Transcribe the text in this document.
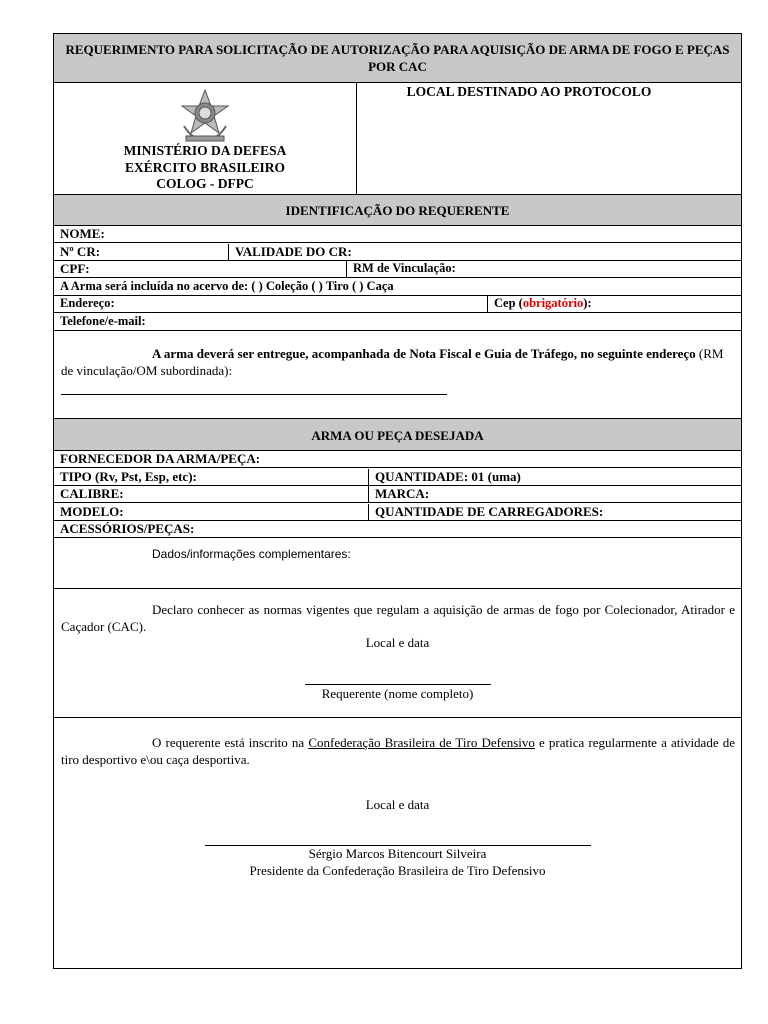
REQUERIMENTO PARA SOLICITAÇÃO DE AUTORIZAÇÃO PARA AQUISIÇÃO DE ARMA DE FOGO E PEÇAS POR CAC
MINISTÉRIO DA DEFESA
EXÉRCITO BRASILEIRO
COLOG - DFPC
LOCAL DESTINADO AO PROTOCOLO
IDENTIFICAÇÃO DO REQUERENTE
NOME:
Nº CR:	VALIDADE DO CR:
CPF:	RM de Vinculação:
A Arma será incluída no acervo de: ( ) Coleção ( ) Tiro ( ) Caça
Endereço:	Cep (obrigatório):
Telefone/e-mail:
A arma deverá ser entregue, acompanhada de Nota Fiscal e Guia de Tráfego, no seguinte endereço (RM de vinculação/OM subordinada):
ARMA OU PEÇA DESEJADA
FORNECEDOR DA ARMA/PEÇA:
TIPO (Rv, Pst, Esp, etc):	QUANTIDADE: 01 (uma)
CALIBRE:	MARCA:
MODELO:	QUANTIDADE DE CARREGADORES:
ACESSÓRIOS/PEÇAS:
Dados/informações complementares:
Declaro conhecer as normas vigentes que regulam a aquisição de armas de fogo por Colecionador, Atirador e Caçador (CAC).
Local e data
Requerente (nome completo)
O requerente está inscrito na Confederação Brasileira de Tiro Defensivo e pratica regularmente a atividade de tiro desportivo e\ou caça desportiva.
Local e data
Sérgio Marcos Bitencourt Silveira
Presidente da Confederação Brasileira de Tiro Defensivo
